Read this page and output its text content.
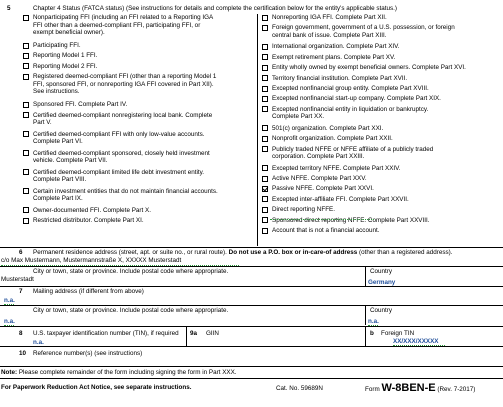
5	Chapter 4 Status (FATCA status) (See instructions for details and complete the certification below for the entity's applicable status.)
Nonparticipating FFI (including an FFI related to a Reporting IGA
FFI other than a deemed-compliant FFI, participating FFI, or
exempt beneficial owner).
Participating FFI.
Reporting Model 1 FFI.
Reporting Model 2 FFI.
Registered deemed-compliant FFI (other than a reporting Model 1
FFI, sponsored FFI, or nonreporting IGA FFI covered in Part XII).
See instructions.
Sponsored FFI. Complete Part IV.
Certified deemed-compliant nonregistering local bank. Complete
Part V.
Certified deemed-compliant FFI with only low-value accounts.
Complete Part VI.
Certified deemed-compliant sponsored, closely held investment
vehicle. Complete Part VII.
Certified deemed-compliant limited life debt investment entity.
Complete Part VIII.
Certain investment entities that do not maintain financial accounts.
Complete Part IX.
Owner-documented FFI. Complete Part X.
Restricted distributor. Complete Part XI.
Nonreporting IGA FFI. Complete Part XII.
Foreign government, government of a U.S. possession, or foreign
central bank of issue. Complete Part XIII.
International organization. Complete Part XIV.
Exempt retirement plans. Complete Part XV.
Entity wholly owned by exempt beneficial owners. Complete Part XVI.
Territory financial institution. Complete Part XVII.
Excepted nonfinancial group entity. Complete Part XVIII.
Excepted nonfinancial start-up company. Complete Part XIX.
Excepted nonfinancial entity in liquidation or bankruptcy.
Complete Part XX.
501(c) organization. Complete Part XXI.
Nonprofit organization. Complete Part XXII.
Publicly traded NFFE or NFFE affiliate of a publicly traded
corporation. Complete Part XXIII.
Excepted territory NFFE. Complete Part XXIV.
Active NFFE. Complete Part XXV.
Passive NFFE. Complete Part XXVI.
Excepted inter-affiliate FFI. Complete Part XXVII.
Direct reporting NFFE.
Sponsored direct reporting NFFE. Complete Part XXVIII.
Account that is not a financial account.
6 Permanent residence address (street, apt. or suite no., or rural route). Do not use a P.O. box or in-care-of address (other than a registered address).
c/o Max Mustermann, Mustermannstraße X, XXXXX Musterstadt
City or town, state or province. Include postal code where appropriate.
Musterstadt
Country
Germany
7 Mailing address (if different from above)
n.a.
City or town, state or province. Include postal code where appropriate.
n.a.
Country
n.a.
8 U.S. taxpayer identification number (TIN), if required
n.a.
9a GIIN	b Foreign TIN
XX/XXX/XXXXX
10 Reference number(s) (see instructions)
Note: Please complete remainder of the form including signing the form in Part XXX.
For Paperwork Reduction Act Notice, see separate instructions.	Cat. No. 59689N	Form W-8BEN-E (Rev. 7-2017)
